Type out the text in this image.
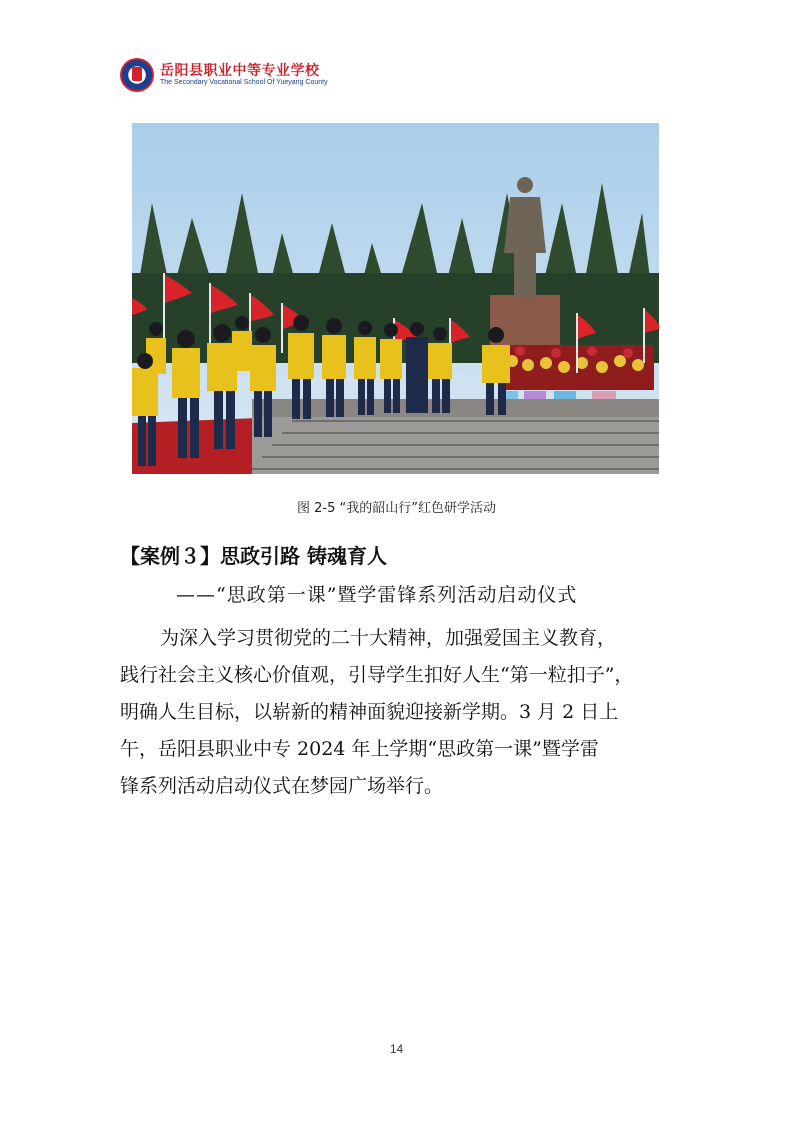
岳阳县职业中等专业学校
The Secondary Vocational School Of Yueyang County
图 2-5 “我的韶山行”红色研学活动
【案例３】思政引路 铸魂育人
——“思政第一课”暨学雷锋系列活动启动仪式

为深入学习贯彻党的二十大精神，加强爱国主义教育，

践行社会主义核心价值观，引导学生扣好人生“第一粒扣子”，

明确人生目标，以崭新的精神面貌迎接新学期。3 月 2 日上

午，岳阳县职业中专 2024 年上学期“思政第一课”暨学雷

锋系列活动启动仪式在梦园广场举行。

14
